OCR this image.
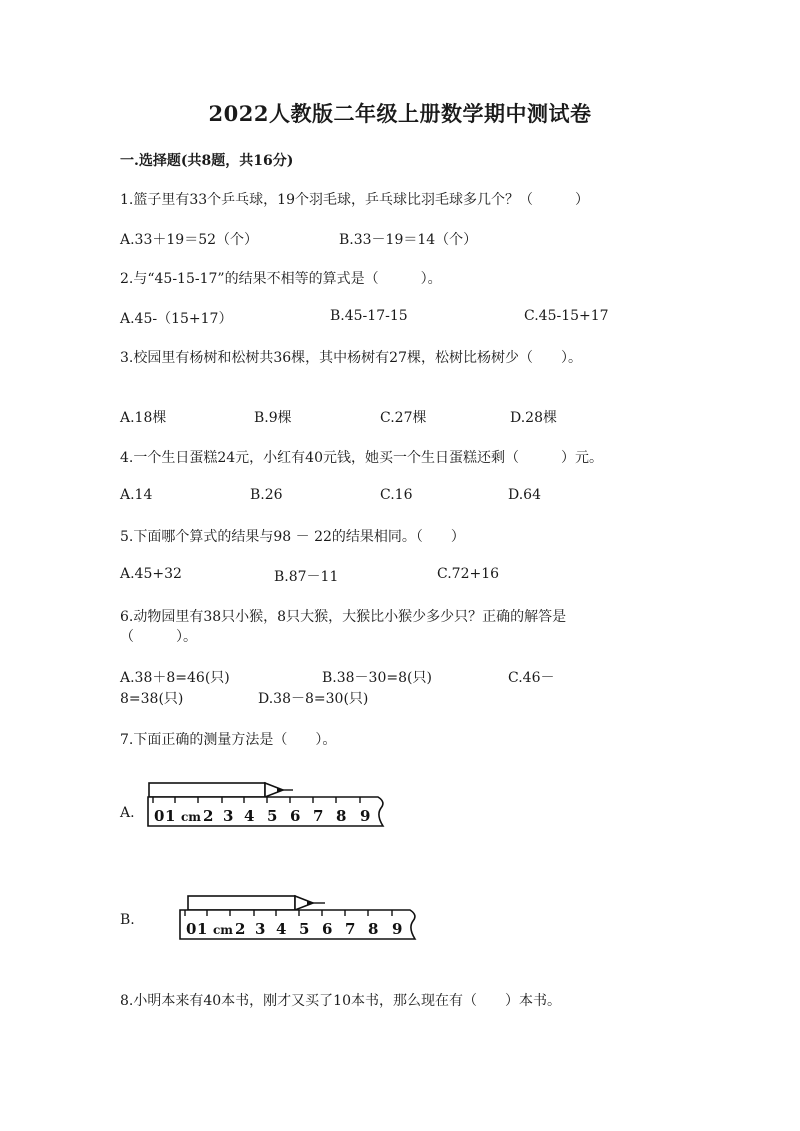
2022人教版二年级上册数学期中测试卷
一.选择题(共8题，共16分)
1.篮子里有33个乒乓球，19个羽毛球，乒乓球比羽毛球多几个？（　　　）
A.33＋19＝52（个）	B.33－19＝14（个）
2.与“45-15-17”的结果不相等的算式是（　　　）。
A.45-（15+17）	B.45-17-15	C.45-15+17
3.校园里有杨树和松树共36棵，其中杨树有27棵，松树比杨树少（　　）。
A.18棵	B.9棵	C.27棵	D.28棵
4.一个生日蛋糕24元，小红有40元钱，她买一个生日蛋糕还剩（　　　）元。
A.14	B.26	C.16	D.64
5.下面哪个算式的结果与98 － 22的结果相同。（　　）
A.45+32	B.87－11	C.72+16
6.动物园里有38只小猴，8只大猴，大猴比小猴少多少只？正确的解答是
（　　　）。
A.38＋8=46(只)	B.38－30=8(只)	C.46－
8=38(只)	D.38－8=30(只)
7.下面正确的测量方法是（　　）。
A. 0 1 cm 2 3 4 5 6 7 8 9
B.	0 1 cm 2 3 4 5 6 7 8 9
8.小明本来有40本书，刚才又买了10本书，那么现在有（　　）本书。
